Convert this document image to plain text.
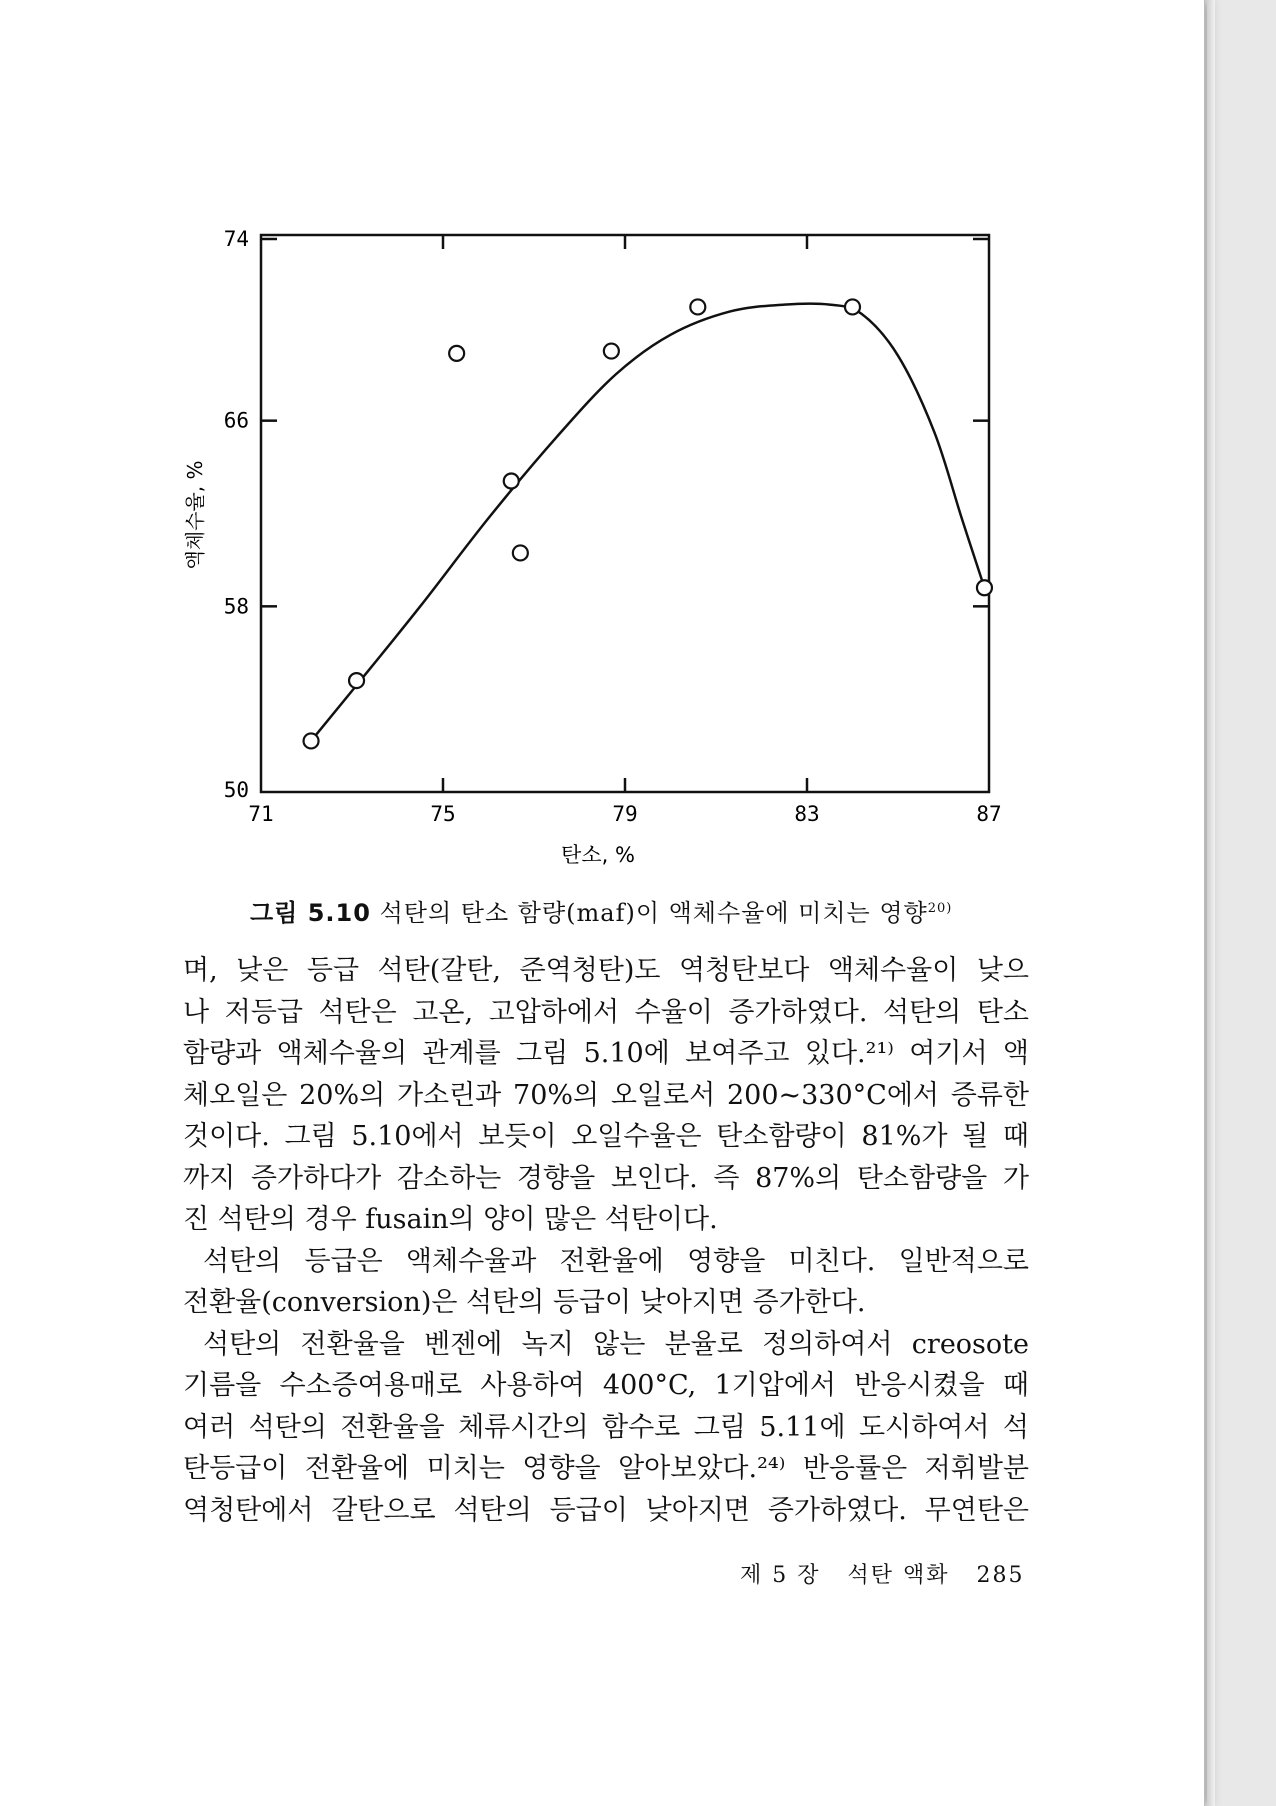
71	75	79	83	87
74
66
58
50
탄소, %
액체수율, %
그림 5.10 석탄의 탄소 함량(maf)이 액체수율에 미치는 영향$^{20)}$

며, 낮은 등급 석탄(갈탄, 준역청탄)도 역청탄보다 액체수율이 낮으

나 저등급 석탄은 고온, 고압하에서 수율이 증가하였다. 석탄의 탄소

함량과 액체수율의 관계를 그림 5.10에 보여주고 있다.²¹⁾ 여기서 액

체오일은 20%의 가소린과 70%의 오일로서 200~330°C에서 증류한

것이다. 그림 5.10에서 보듯이 오일수율은 탄소함량이 81%가 될 때

까지 증가하다가 감소하는 경향을 보인다. 즉 87%의 탄소함량을 가

진 석탄의 경우 fusain의 양이 많은 석탄이다.

석탄의 등급은 액체수율과 전환율에 영향을 미친다. 일반적으로

전환율(conversion)은 석탄의 등급이 낮아지면 증가한다.

석탄의 전환율을 벤젠에 녹지 않는 분율로 정의하여서 creosote

기름을 수소증여용매로 사용하여 400°C, 1기압에서 반응시켰을 때

여러 석탄의 전환율을 체류시간의 함수로 그림 5.11에 도시하여서 석

탄등급이 전환율에 미치는 영향을 알아보았다.²⁴⁾ 반응률은 저휘발분

역청탄에서 갈탄으로 석탄의 등급이 낮아지면 증가하였다. 무연탄은

제 5 장 석탄 액화 285
